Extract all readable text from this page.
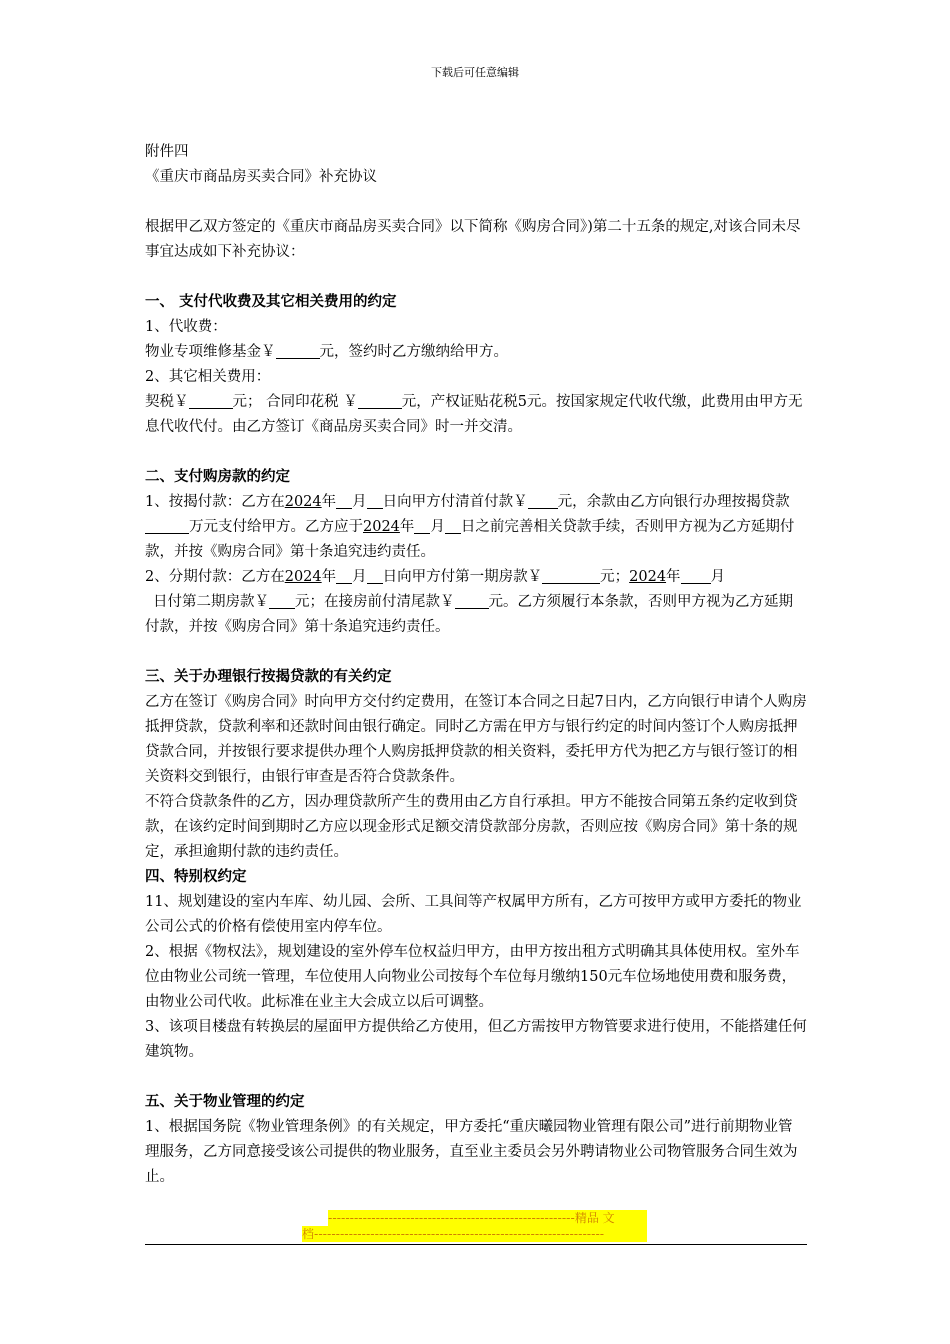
下载后可任意编辑

附件四

《重庆市商品房买卖合同》补充协议

根据甲乙双方签定的《重庆市商品房买卖合同》以下简称《购房合同》)第二十五条的规定,对该合同未尽事宜达成如下补充协议：

一、 支付代收费及其它相关费用的约定

1、代收费：

物业专项维修基金￥	元，签约时乙方缴纳给甲方。

2、其它相关费用：

契税￥	元； 合同印花税 ￥	元，产权证贴花税5元。按国家规定代收代缴，此费用由甲方无息代收代付。由乙方签订《商品房买卖合同》时一并交清。

二、支付购房款的约定

1、按揭付款：乙方在2024年 月 日向甲方付清首付款￥ 元，余款由乙方向银行办理按揭贷款万元支付给甲方。乙方应于2024年 月 日之前完善相关贷款手续，否则甲方视为乙方延期付款，并按《购房合同》第十条追究违约责任。

2、分期付款：乙方在2024年 月 日向甲方付第一期房款￥	元；2024年 月
日付第二期房款￥ 元；在接房前付清尾款￥ 元。乙方须履行本条款，否则甲方视为乙方延期付款，并按《购房合同》第十条追究违约责任。

三、关于办理银行按揭贷款的有关约定

乙方在签订《购房合同》时向甲方交付约定费用，在签订本合同之日起7日内，乙方向银行申请个人购房抵押贷款，贷款利率和还款时间由银行确定。同时乙方需在甲方与银行约定的时间内签订个人购房抵押贷款合同，并按银行要求提供办理个人购房抵押贷款的相关资料，委托甲方代为把乙方与银行签订的相关资料交到银行，由银行审查是否符合贷款条件。

不符合贷款条件的乙方，因办理贷款所产生的费用由乙方自行承担。甲方不能按合同第五条约定收到贷款，在该约定时间到期时乙方应以现金形式足额交清贷款部分房款，否则应按《购房合同》第十条的规定，承担逾期付款的违约责任。

四、特别权约定

11、规划建设的室内车库、幼儿园、会所、工具间等产权属甲方所有，乙方可按甲方或甲方委托的物业公司公式的价格有偿使用室内停车位。

2、根据《物权法》，规划建设的室外停车位权益归甲方，由甲方按出租方式明确其具体使用权。室外车位由物业公司统一管理，车位使用人向物业公司按每个车位每月缴纳150元车位场地使用费和服务费，由物业公司代收。此标准在业主大会成立以后可调整。

3、该项目楼盘有转换层的屋面甲方提供给乙方使用，但乙方需按甲方物管要求进行使用，不能搭建任何建筑物。

五、关于物业管理的约定

1、根据国务院《物业管理条例》的有关规定，甲方委托“重庆曦园物业管理有限公司”进行前期物业管理服务，乙方同意接受该公司提供的物业服务，直至业主委员会另外聘请物业公司物管服务合同生效为止。

---------------------------------------------------------精品 文
档-------------------------------------------------------------------
